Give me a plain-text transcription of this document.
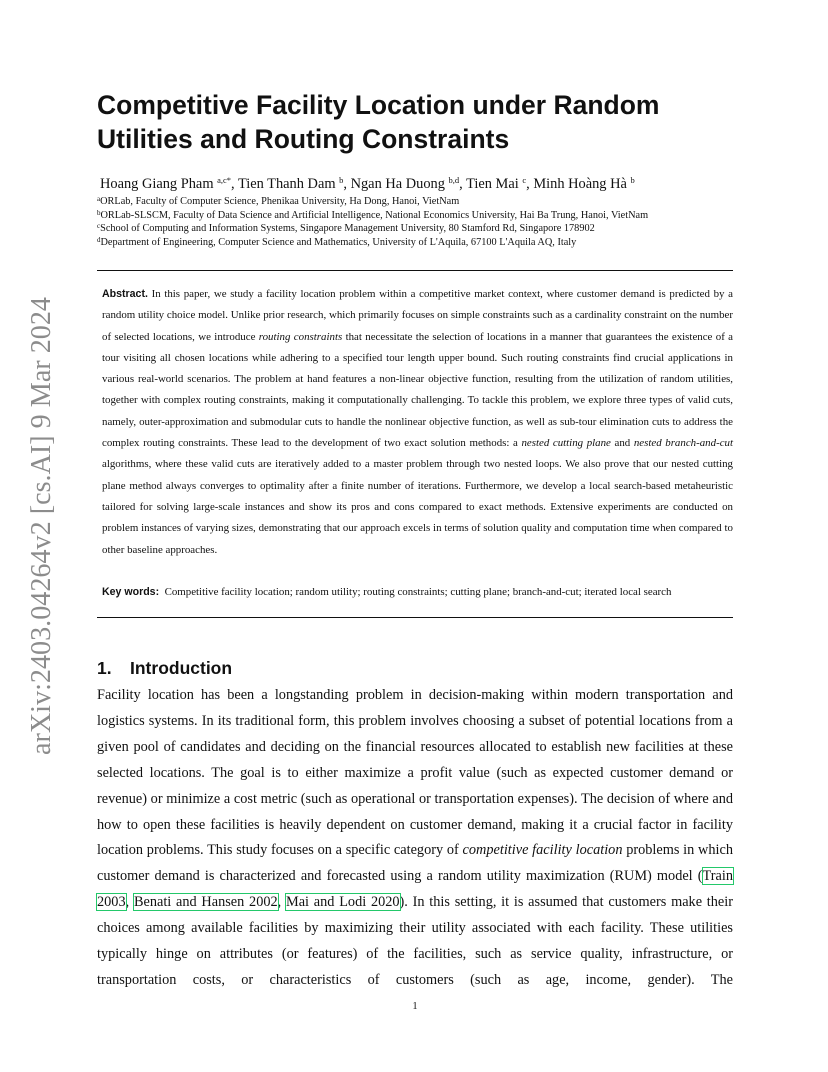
arXiv:2403.04264v2 [cs.AI] 9 Mar 2024
Competitive Facility Location under Random
Utilities and Routing Constraints
Hoang Giang Pham $^{a,c*}$, Tien Thanh Dam $^b$, Ngan Ha Duong $^{b,d}$, Tien Mai $^c$, Minh Hoàng Hà $^b$
$^a$ORLab, Faculty of Computer Science, Phenikaa University, Ha Dong, Hanoi, VietNam
$^b$ORLab-SLSCM, Faculty of Data Science and Artificial Intelligence, National Economics University, Hai Ba Trung, Hanoi, VietNam
$^c$School of Computing and Information Systems, Singapore Management University, 80 Stamford Rd, Singapore 178902
$^d$Department of Engineering, Computer Science and Mathematics, University of L'Aquila, 67100 L'Aquila AQ, Italy

Abstract. In this paper, we study a facility location problem within a competitive market context, where customer demand is predicted by a random utility choice model. Unlike prior research, which primarily focuses on simple constraints such as a cardinality constraint on the number of selected locations, we introduce routing constraints that necessitate the selection of locations in a manner that guarantees the existence of a tour visiting all chosen locations while adhering to a specified tour length upper bound. Such routing constraints find crucial applications in various real-world scenarios. The problem at hand features a non-linear objective function, resulting from the utilization of random utilities, together with complex routing constraints, making it computationally challenging. To tackle this problem, we explore three types of valid cuts, namely, outer-approximation and submodular cuts to handle the nonlinear objective function, as well as sub-tour elimination cuts to address the complex routing constraints. These lead to the development of two exact solution methods: a nested cutting plane and nested branch-and-cut algorithms, where these valid cuts are iteratively added to a master problem through two nested loops. We also prove that our nested cutting plane method always converges to optimality after a finite number of iterations. Furthermore, we develop a local search-based metaheuristic tailored for solving large-scale instances and show its pros and cons compared to exact methods. Extensive experiments are conducted on problem instances of varying sizes, demonstrating that our approach excels in terms of solution quality and computation time when compared to other baseline approaches.

Key words: Competitive facility location; random utility; routing constraints; cutting plane; branch-and-cut; iterated local search
1. Introduction

Facility location has been a longstanding problem in decision-making within modern transportation and logistics systems. In its traditional form, this problem involves choosing a subset of potential locations from a given pool of candidates and deciding on the financial resources allocated to establish new facilities at these selected locations. The goal is to either maximize a profit value (such as expected customer demand or revenue) or minimize a cost metric (such as operational or transportation expenses). The decision of where and how to open these facilities is heavily dependent on customer demand, making it a crucial factor in facility location problems. This study focuses on a specific category of competitive facility location problems in which customer demand is characterized and forecasted using a random utility maximization (RUM) model (Train 2003, Benati and Hansen 2002, Mai and Lodi 2020). In this setting, it is assumed that customers make their choices among available facilities by maximizing their utility associated with each facility. These utilities typically hinge on attributes (or features) of the facilities, such as service quality, infrastructure, or transportation costs, or characteristics of customers (such as age, income, gender). The

1
